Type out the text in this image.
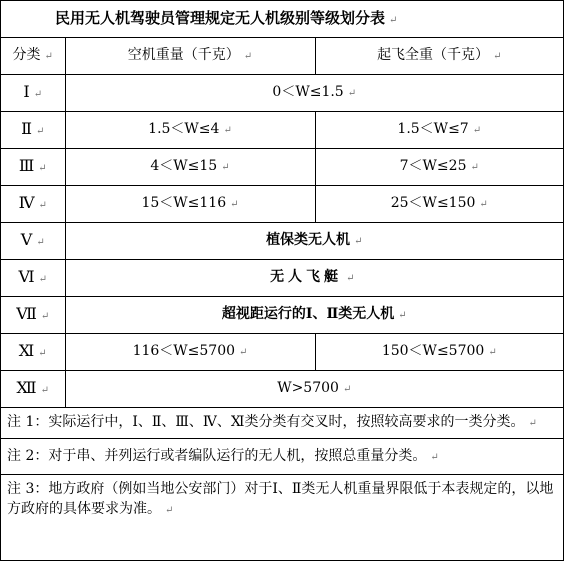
民用无人机驾驶员管理规定无人机级别等级划分表 ↵		
分类 ↵	空机重量（千克） ↵	起飞全重（千克） ↵
Ⅰ ↵	0＜W≤1.5 ↵	
Ⅱ ↵	1.5＜W≤4 ↵	1.5＜W≤7 ↵
Ⅲ ↵	4＜W≤15 ↵	7＜W≤25 ↵
Ⅳ ↵	15＜W≤116 ↵	25＜W≤150 ↵
Ⅴ ↵	植保类无人机 ↵	
Ⅵ ↵	无人飞艇 ↵	
Ⅶ ↵	超视距运行的Ⅰ、Ⅱ类无人机 ↵	
Ⅺ ↵	116＜W≤5700 ↵	150＜W≤5700 ↵
Ⅻ ↵	W>5700 ↵	
注 1：实际运行中，Ⅰ、Ⅱ、Ⅲ、Ⅳ、Ⅺ类分类有交叉时，按照较高要求的一类分类。 ↵		
注 2：对于串、并列运行或者编队运行的无人机，按照总重量分类。 ↵		
注 3：地方政府（例如当地公安部门）对于Ⅰ、Ⅱ类无人机重量界限低于本表规定的，以地方政府的具体要求为准。 ↵		
